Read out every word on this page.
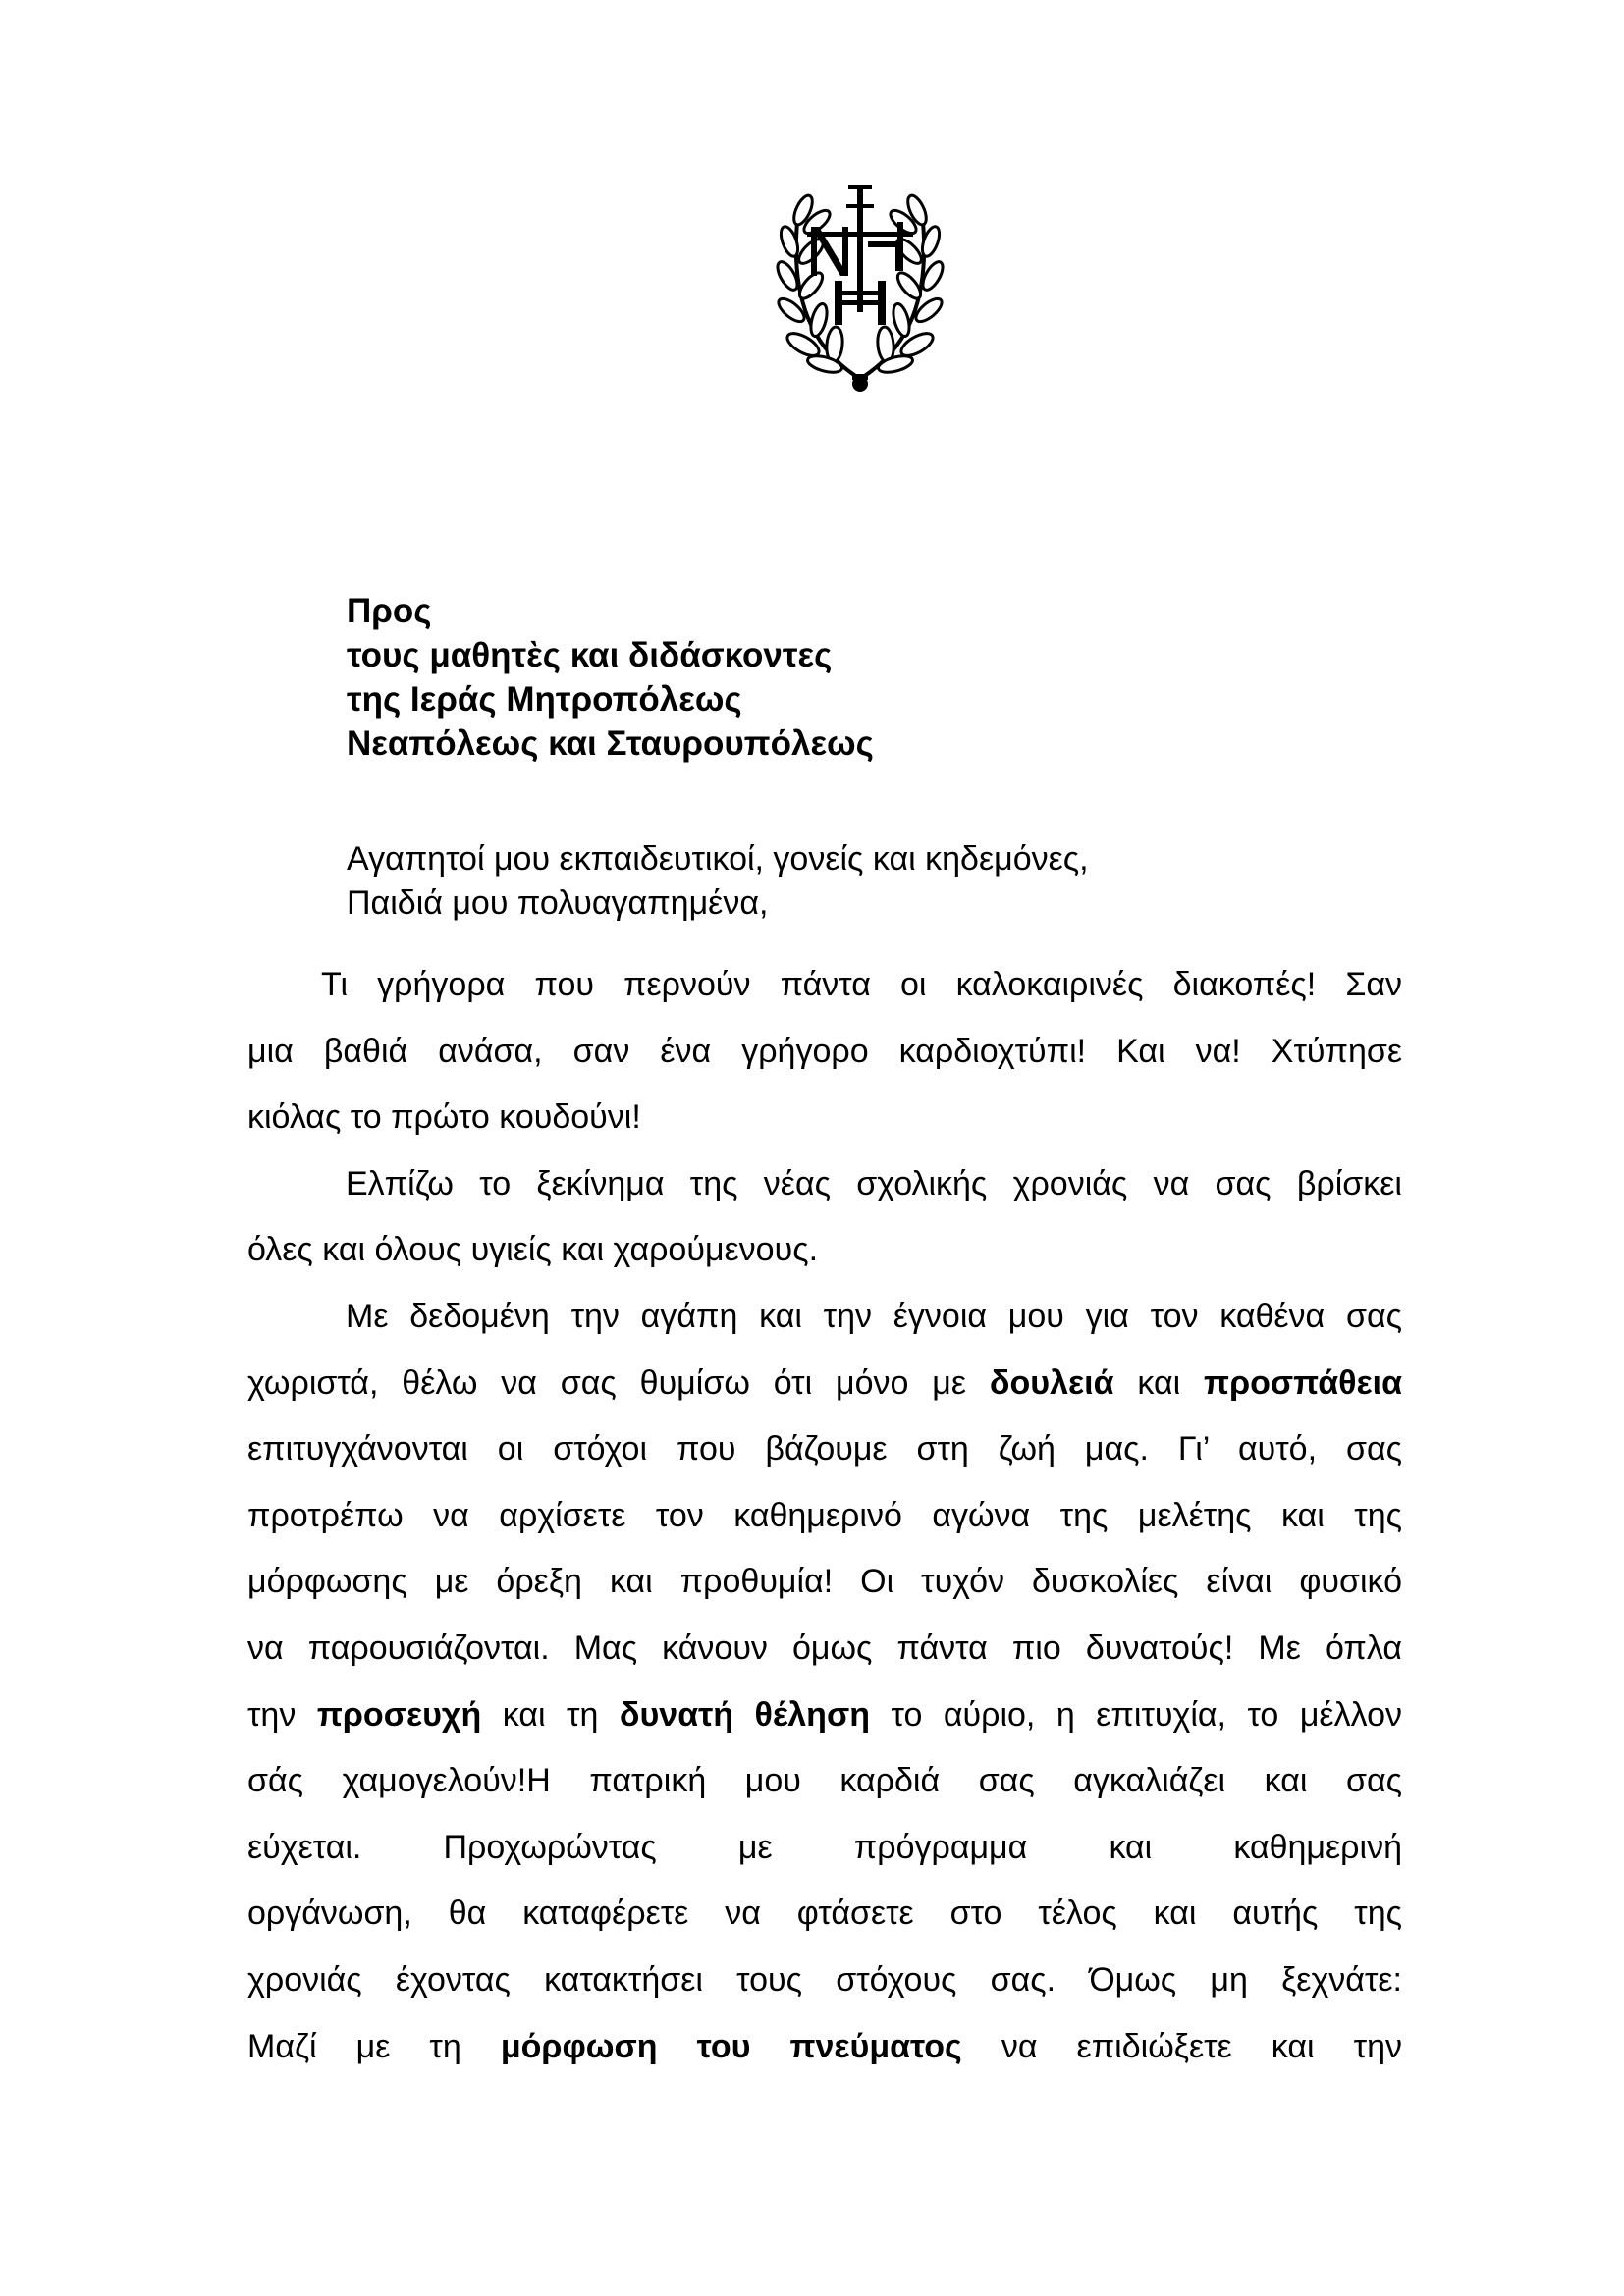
Προς
τους μαθητὲς και διδάσκοντες
της Ιεράς Μητροπόλεως
Νεαπόλεως και Σταυρουπόλεως
Αγαπητοί μου εκπαιδευτικοί, γονείς και κηδεμόνες,
Παιδιά μου πολυαγαπημένα,
Τι γρήγορα που περνούν πάντα οι καλοκαιρινές διακοπές! Σαν
μια βαθιά ανάσα, σαν ένα γρήγορο καρδιοχτύπι! Και να! Χτύπησε
κιόλας το πρώτο κουδούνι!
Ελπίζω το ξεκίνημα της νέας σχολικής χρονιάς να σας βρίσκει
όλες και όλους υγιείς και χαρούμενους.
Με δεδομένη την αγάπη και την έγνοια μου για τον καθένα σας
χωριστά, θέλω να σας θυμίσω ότι μόνο με δουλειά και προσπάθεια
επιτυγχάνονται οι στόχοι που βάζουμε στη ζωή μας. Γι’ αυτό, σας
προτρέπω να αρχίσετε τον καθημερινό αγώνα της μελέτης και της
μόρφωσης με όρεξη και προθυμία! Οι τυχόν δυσκολίες είναι φυσικό
να παρουσιάζονται. Μας κάνουν όμως πάντα πιο δυνατούς! Με όπλα
την προσευχή και τη δυνατή θέληση το αύριο, η επιτυχία, το μέλλον
σάς χαμογελούν!Η πατρική μου καρδιά σας αγκαλιάζει και σας
εύχεται. Προχωρώντας με πρόγραμμα και καθημερινή
οργάνωση, θα καταφέρετε να φτάσετε στο τέλος και αυτής της
χρονιάς έχοντας κατακτήσει τους στόχους σας. Όμως μη ξεχνάτε:
Μαζί με τη μόρφωση του πνεύματος να επιδιώξετε και την
